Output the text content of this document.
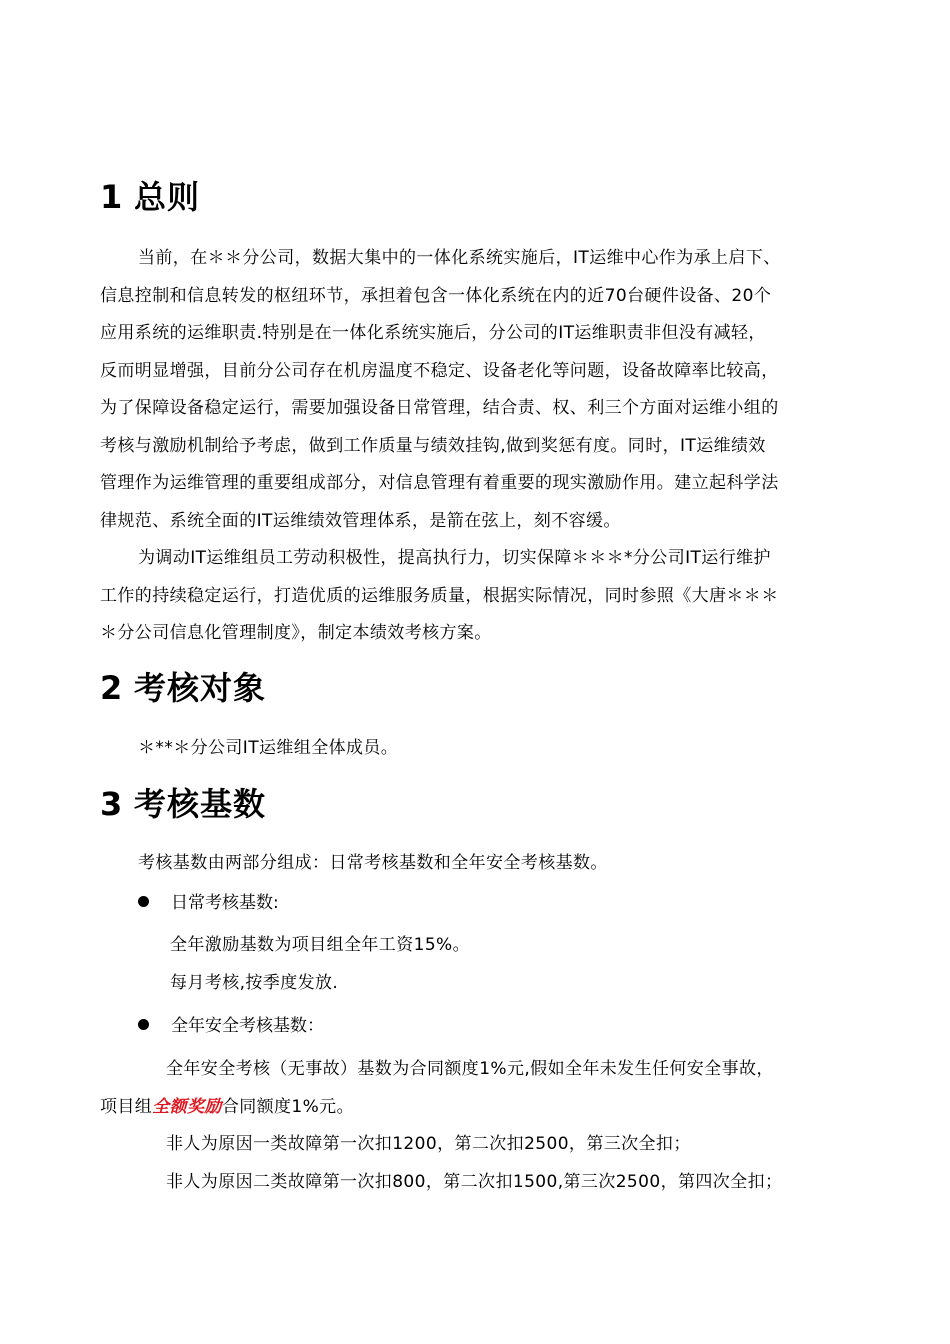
1 总则
当前，在＊＊分公司，数据大集中的一体化系统实施后，IT运维中心作为承上启下、
信息控制和信息转发的枢纽环节，承担着包含一体化系统在内的近70台硬件设备、20个
应用系统的运维职责.特别是在一体化系统实施后，分公司的IT运维职责非但没有减轻，
反而明显增强，目前分公司存在机房温度不稳定、设备老化等问题，设备故障率比较高，
为了保障设备稳定运行，需要加强设备日常管理，结合责、权、利三个方面对运维小组的
考核与激励机制给予考虑，做到工作质量与绩效挂钩,做到奖惩有度。同时，IT运维绩效
管理作为运维管理的重要组成部分，对信息管理有着重要的现实激励作用。建立起科学法
律规范、系统全面的IT运维绩效管理体系，是箭在弦上，刻不容缓。
为调动IT运维组员工劳动积极性，提高执行力，切实保障＊＊＊*分公司IT运行维护
工作的持续稳定运行，打造优质的运维服务质量，根据实际情况，同时参照《大唐＊＊＊
＊分公司信息化管理制度》，制定本绩效考核方案。
2 考核对象
＊**＊分公司IT运维组全体成员。
3 考核基数
考核基数由两部分组成：日常考核基数和全年安全考核基数。
日常考核基数:
全年激励基数为项目组全年工资15%。
每月考核,按季度发放.
全年安全考核基数：
全年安全考核（无事故）基数为合同额度1%元,假如全年未发生任何安全事故，
项目组全额奖励合同额度1%元。
非人为原因一类故障第一次扣1200，第二次扣2500，第三次全扣；
非人为原因二类故障第一次扣800，第二次扣1500,第三次2500，第四次全扣；
